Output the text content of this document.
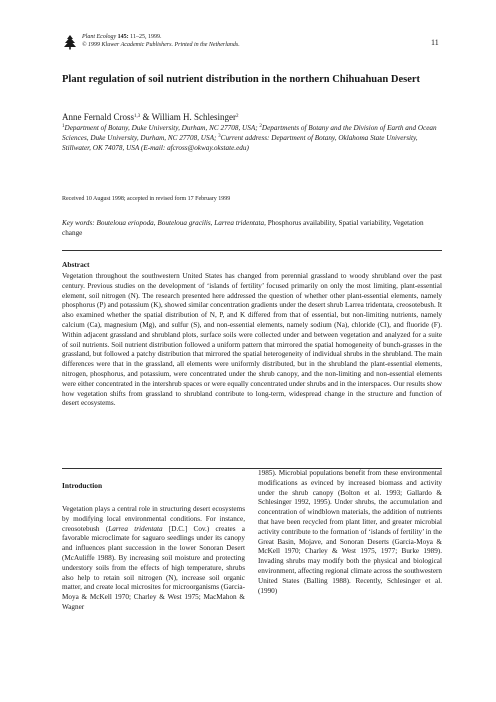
Plant Ecology 145: 11–25, 1999.
© 1999 Kluwer Academic Publishers. Printed in the Netherlands.	11
Plant regulation of soil nutrient distribution in the northern Chihuahuan Desert
Anne Fernald Cross$^{1,3}$ & William H. Schlesinger$^2$
$^1$Department of Botany, Duke University, Durham, NC 27708, USA; $^2$Departments of Botany and the Division of Earth and Ocean Sciences, Duke University, Durham, NC 27708, USA; $^3$Current address: Department of Botany, Oklahoma State University, Stillwater, OK 74078, USA (E-mail: afcross@okway.okstate.edu)
Received 10 August 1998; accepted in revised form 17 February 1999
Key words: Bouteloua eriopoda, Bouteloua gracilis, Larrea tridentata, Phosphorus availability, Spatial variability, Vegetation change
Abstract

Vegetation throughout the southwestern United States has changed from perennial grassland to woody shrubland over the past century. Previous studies on the development of ‘islands of fertility’ focused primarily on only the most limiting, plant-essential element, soil nitrogen (N). The research presented here addressed the question of whether other plant-essential elements, namely phosphorus (P) and potassium (K), showed similar concentration gradients under the desert shrub Larrea tridentata, creosotebush. It also examined whether the spatial distribution of N, P, and K differed from that of essential, but non-limiting nutrients, namely calcium (Ca), magnesium (Mg), and sulfur (S), and non-essential elements, namely sodium (Na), chloride (Cl), and fluoride (F). Within adjacent grassland and shrubland plots, surface soils were collected under and between vegetation and analyzed for a suite of soil nutrients. Soil nutrient distribution followed a uniform pattern that mirrored the spatial homogeneity of bunch-grasses in the grassland, but followed a patchy distribution that mirrored the spatial heterogeneity of individual shrubs in the shrubland. The main differences were that in the grassland, all elements were uniformly distributed, but in the shrubland the plant-essential elements, nitrogen, phosphorus, and potassium, were concentrated under the shrub canopy, and the non-limiting and non-essential elements were either concentrated in the intershrub spaces or were equally concentrated under shrubs and in the interspaces. Our results show how vegetation shifts from grassland to shrubland contribute to long-term, widespread change in the structure and function of desert ecosystems.

Introduction

Vegetation plays a central role in structuring desert ecosystems by modifying local environmental conditions. For instance, creosotebush (Larrea tridentata [D.C.] Cov.) creates a favorable microclimate for saguaro seedlings under its canopy and influences plant succession in the lower Sonoran Desert (McAuliffe 1988). By increasing soil moisture and protecting understory soils from the effects of high temperature, shrubs also help to retain soil nitrogen (N), increase soil organic matter, and create local microsites for microorganisms (Garcia-Moya & McKell 1970; Charley & West 1975; MacMahon & Wagner

1985). Microbial populations benefit from these environmental modifications as evinced by increased biomass and activity under the shrub canopy (Bolton et al. 1993; Gallardo & Schlesinger 1992, 1995). Under shrubs, the accumulation and concentration of windblown materials, the addition of nutrients that have been recycled from plant litter, and greater microbial activity contribute to the formation of ‘islands of fertility’ in the Great Basin, Mojave, and Sonoran Deserts (Garcia-Moya & McKell 1970; Charley & West 1975, 1977; Burke 1989). Invading shrubs may modify both the physical and biological environment, affecting regional climate across the southwestern United States (Balling 1988). Recently, Schlesinger et al. (1990)
